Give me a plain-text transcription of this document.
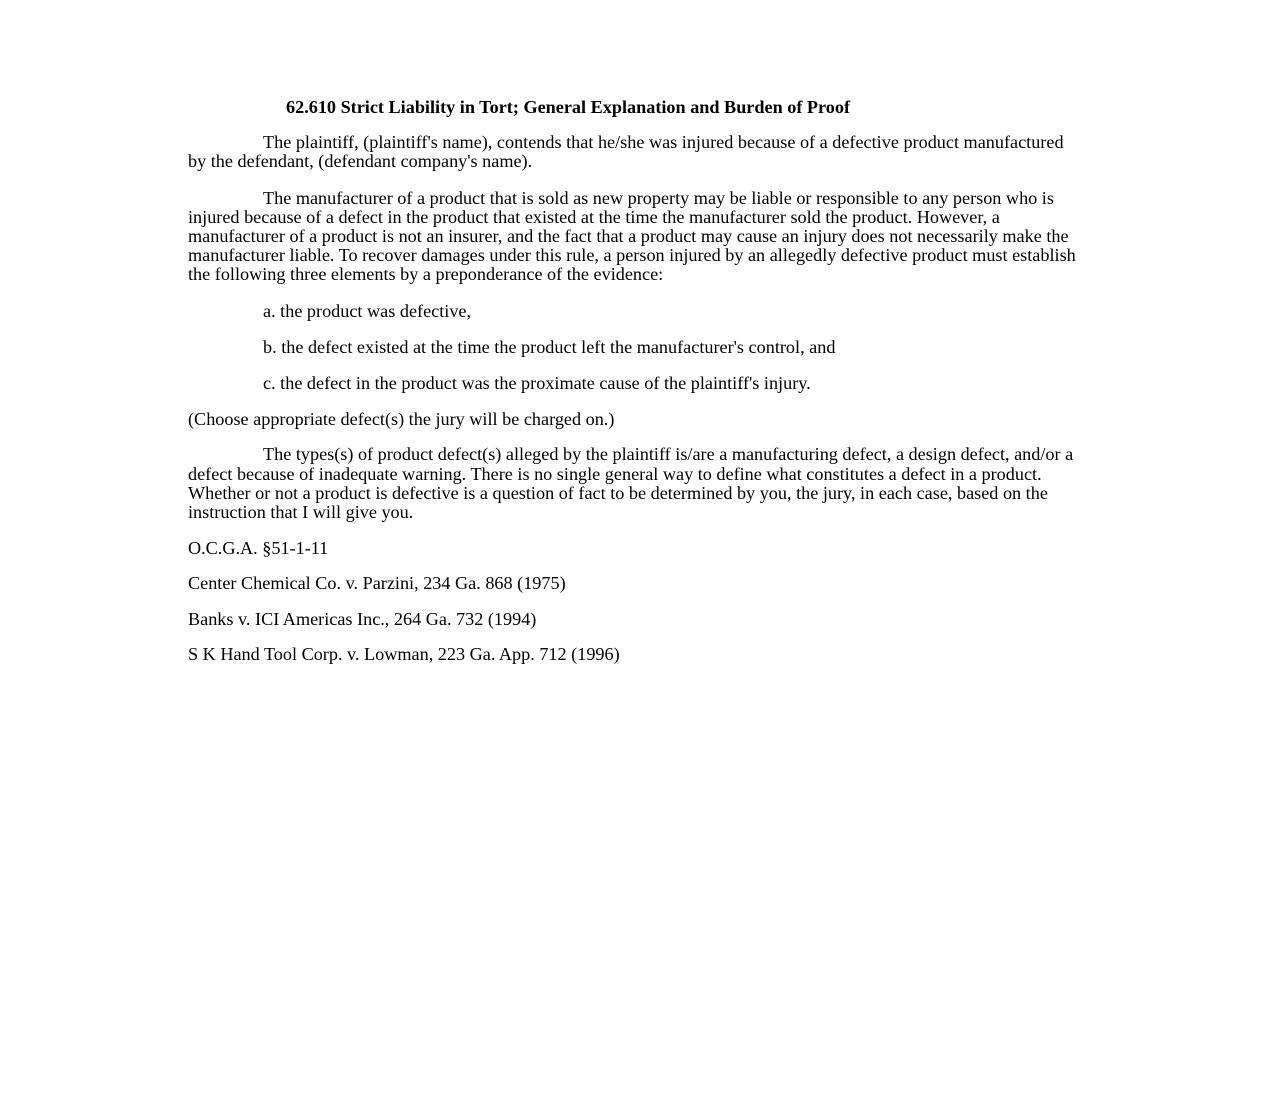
62.610 Strict Liability in Tort; General Explanation and Burden of Proof

The plaintiff, (plaintiff's name), contends that he/she was injured because of a defective product manufactured by the defendant, (defendant company's name).

The manufacturer of a product that is sold as new property may be liable or responsible to any person who is injured because of a defect in the product that existed at the time the manufacturer sold the product. However, a manufacturer of a product is not an insurer, and the fact that a product may cause an injury does not necessarily make the manufacturer liable. To recover damages under this rule, a person injured by an allegedly defective product must establish the following three elements by a preponderance of the evidence:

a. the product was defective,
b. the defect existed at the time the product left the manufacturer's control, and
c. the defect in the product was the proximate cause of the plaintiff's injury.
(Choose appropriate defect(s) the jury will be charged on.)

The types(s) of product defect(s) alleged by the plaintiff is/are a manufacturing defect, a design defect, and/or a defect because of inadequate warning. There is no single general way to define what constitutes a defect in a product. Whether or not a product is defective is a question of fact to be determined by you, the jury, in each case, based on the instruction that I will give you.

O.C.G.A. §51-1-11
Center Chemical Co. v. Parzini, 234 Ga. 868 (1975)
Banks v. ICI Americas Inc., 264 Ga. 732 (1994)
S K Hand Tool Corp. v. Lowman, 223 Ga. App. 712 (1996)
